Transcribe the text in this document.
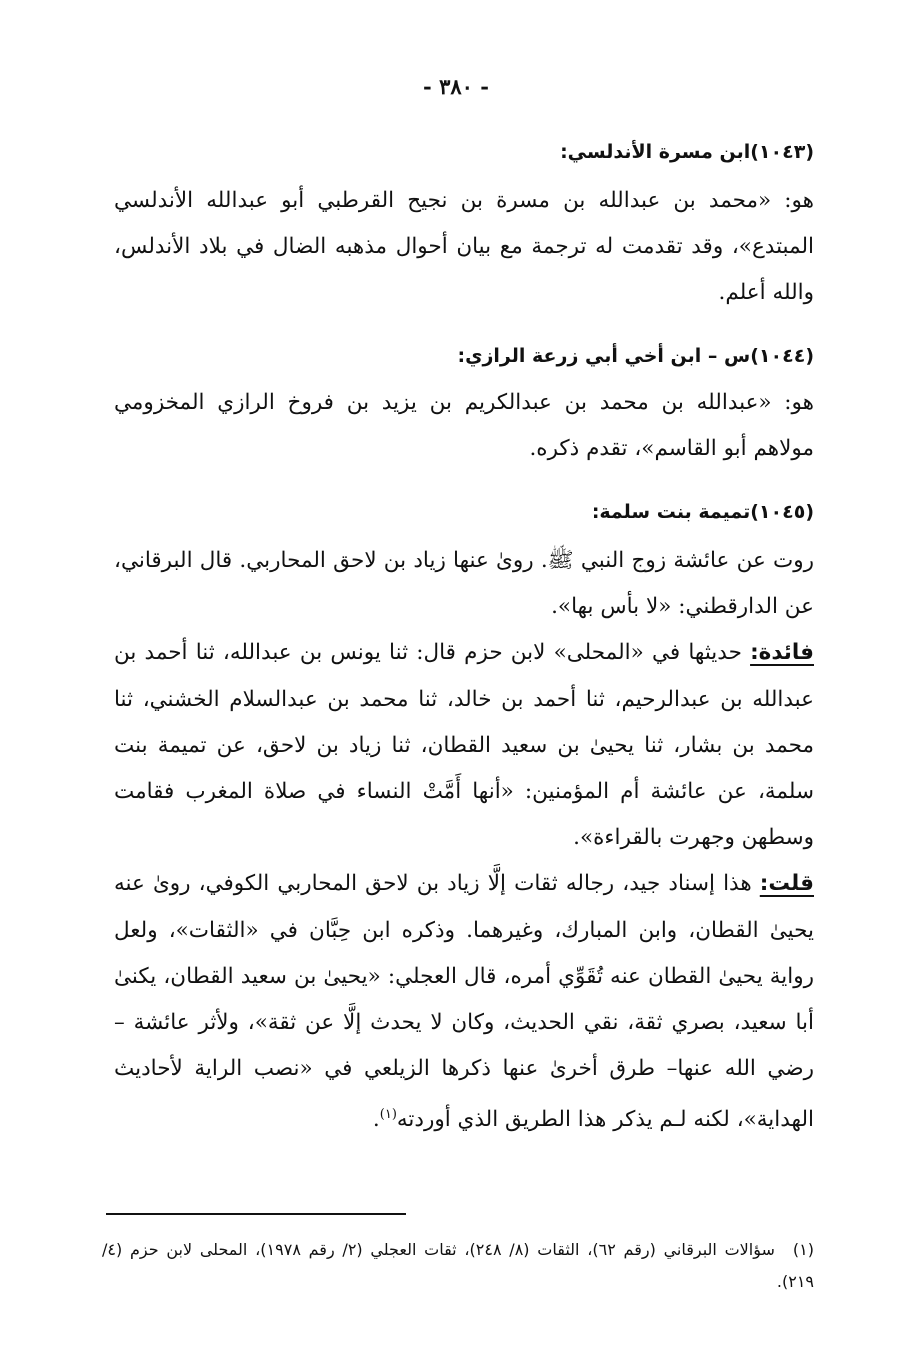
- ٣٨٠ -
(١٠٤٣)ابن مسرة الأندلسي:

هو: «محمد بن عبدالله بن مسرة بن نجيح القرطبي أبو عبدالله الأندلسي المبتدع»، وقد تقدمت له ترجمة مع بيان أحوال مذهبه الضال في بلاد الأندلس، والله أعلم.

(١٠٤٤)س – ابن أخي أبي زرعة الرازي:

هو: «عبدالله بن محمد بن عبدالكريم بن يزيد بن فروخ الرازي المخزومي مولاهم أبو القاسم»، تقدم ذكره.

(١٠٤٥)تميمة بنت سلمة:

روت عن عائشة زوج النبي ﷺ. روىٰ عنها زياد بن لاحق المحاربي. قال البرقاني، عن الدارقطني: «لا بأس بها».

فائدة: حديثها في «المحلى» لابن حزم قال: ثنا يونس بن عبدالله، ثنا أحمد بن عبدالله بن عبدالرحيم، ثنا أحمد بن خالد، ثنا محمد بن عبدالسلام الخشني، ثنا محمد بن بشار، ثنا يحيىٰ بن سعيد القطان، ثنا زياد بن لاحق، عن تميمة بنت سلمة، عن عائشة أم المؤمنين: «أنها أَمَّتْ النساء في صلاة المغرب فقامت وسطهن وجهرت بالقراءة».

قلت: هذا إسناد جيد، رجاله ثقات إلَّا زياد بن لاحق المحاربي الكوفي، روىٰ عنه يحيىٰ القطان، وابن المبارك، وغيرهما. وذكره ابن حِبَّان في «الثقات»، ولعل رواية يحيىٰ القطان عنه تُقَوِّي أمره، قال العجلي: «يحيىٰ بن سعيد القطان، يكنىٰ أبا سعيد، بصري ثقة، نقي الحديث، وكان لا يحدث إلَّا عن ثقة»، ولأثر عائشة –رضي الله عنها– طرق أخرىٰ عنها ذكرها الزيلعي في «نصب الراية لأحاديث الهداية»، لكنه لـم يذكر هذا الطريق الذي أوردته$^{(١)}$.

(١)سؤالات البرقاني (رقم ٦٢)، الثقات (٨/ ٢٤٨)، ثقات العجلي (٢/ رقم ١٩٧٨)، المحلى لابن حزم (٤/ ٢١٩).
